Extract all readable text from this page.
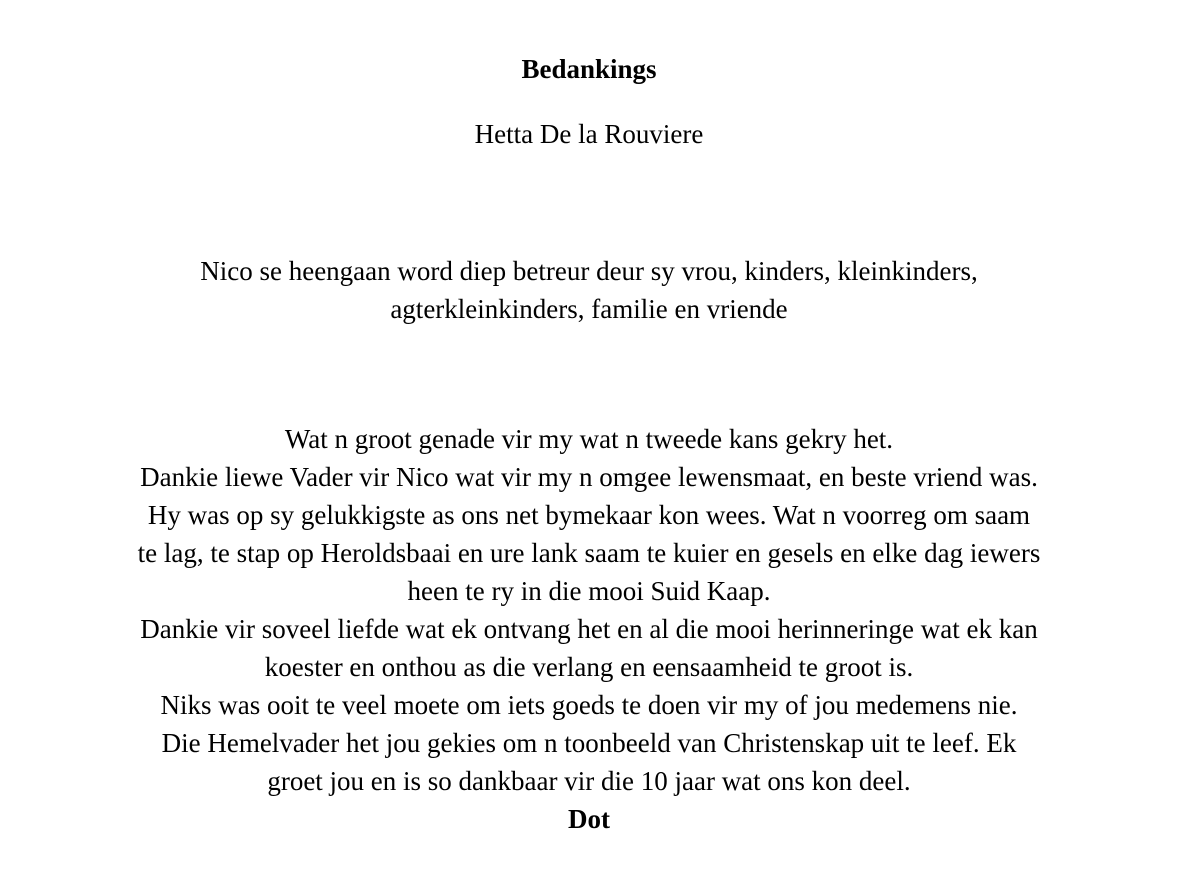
Bedankings
Hetta De la Rouviere
Nico se heengaan word diep betreur deur sy vrou, kinders, kleinkinders,
agterkleinkinders, familie en vriende
Wat n groot genade vir my wat n tweede kans gekry het.
Dankie liewe Vader vir Nico wat vir my n omgee lewensmaat, en beste vriend was.
Hy was op sy gelukkigste as ons net bymekaar kon wees. Wat n voorreg om saam
te lag, te stap op Heroldsbaai en ure lank saam te kuier en gesels en elke dag iewers
heen te ry in die mooi Suid Kaap.
Dankie vir soveel liefde wat ek ontvang het en al die mooi herinneringe wat ek kan
koester en onthou as die verlang en eensaamheid te groot is.
Niks was ooit te veel moete om iets goeds te doen vir my of jou medemens nie.
Die Hemelvader het jou gekies om n toonbeeld van Christenskap uit te leef. Ek
groet jou en is so dankbaar vir die 10 jaar wat ons kon deel.
Dot
